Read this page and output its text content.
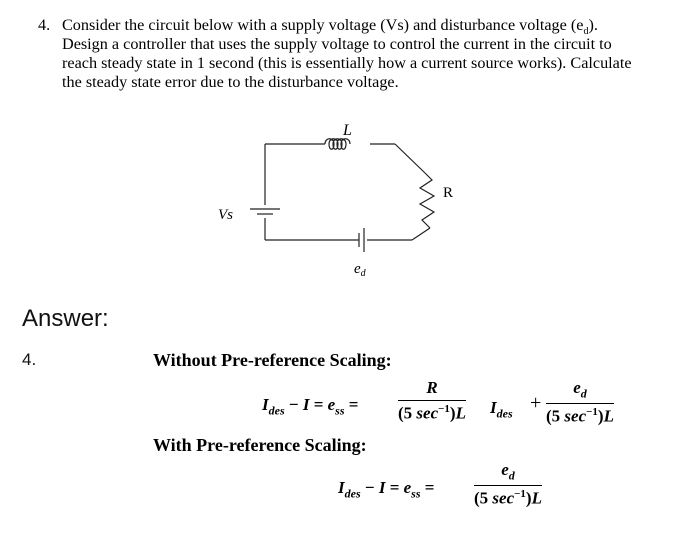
4. Consider the circuit below with a supply voltage (Vs) and disturbance voltage $(e_d)$.
Design a controller that uses the supply voltage to control the current in the circuit to
reach steady state in 1 second (this is essentially how a current source works). Calculate
the steady state error due to the disturbance voltage.
L
R
Vs
$e_d$
Answer:
4.	Without Pre-reference Scaling:
$I_{des} - I = e_{ss}$ =
R
(5 $\sec^{-1})L$ $I_{des}$ +
$e_d$
(5 $\sec^{-1})L$
With Pre-reference Scaling:
$I_{des} - I = e_{ss}$ =
$e_d$
(5 $\sec^{-1})L$
